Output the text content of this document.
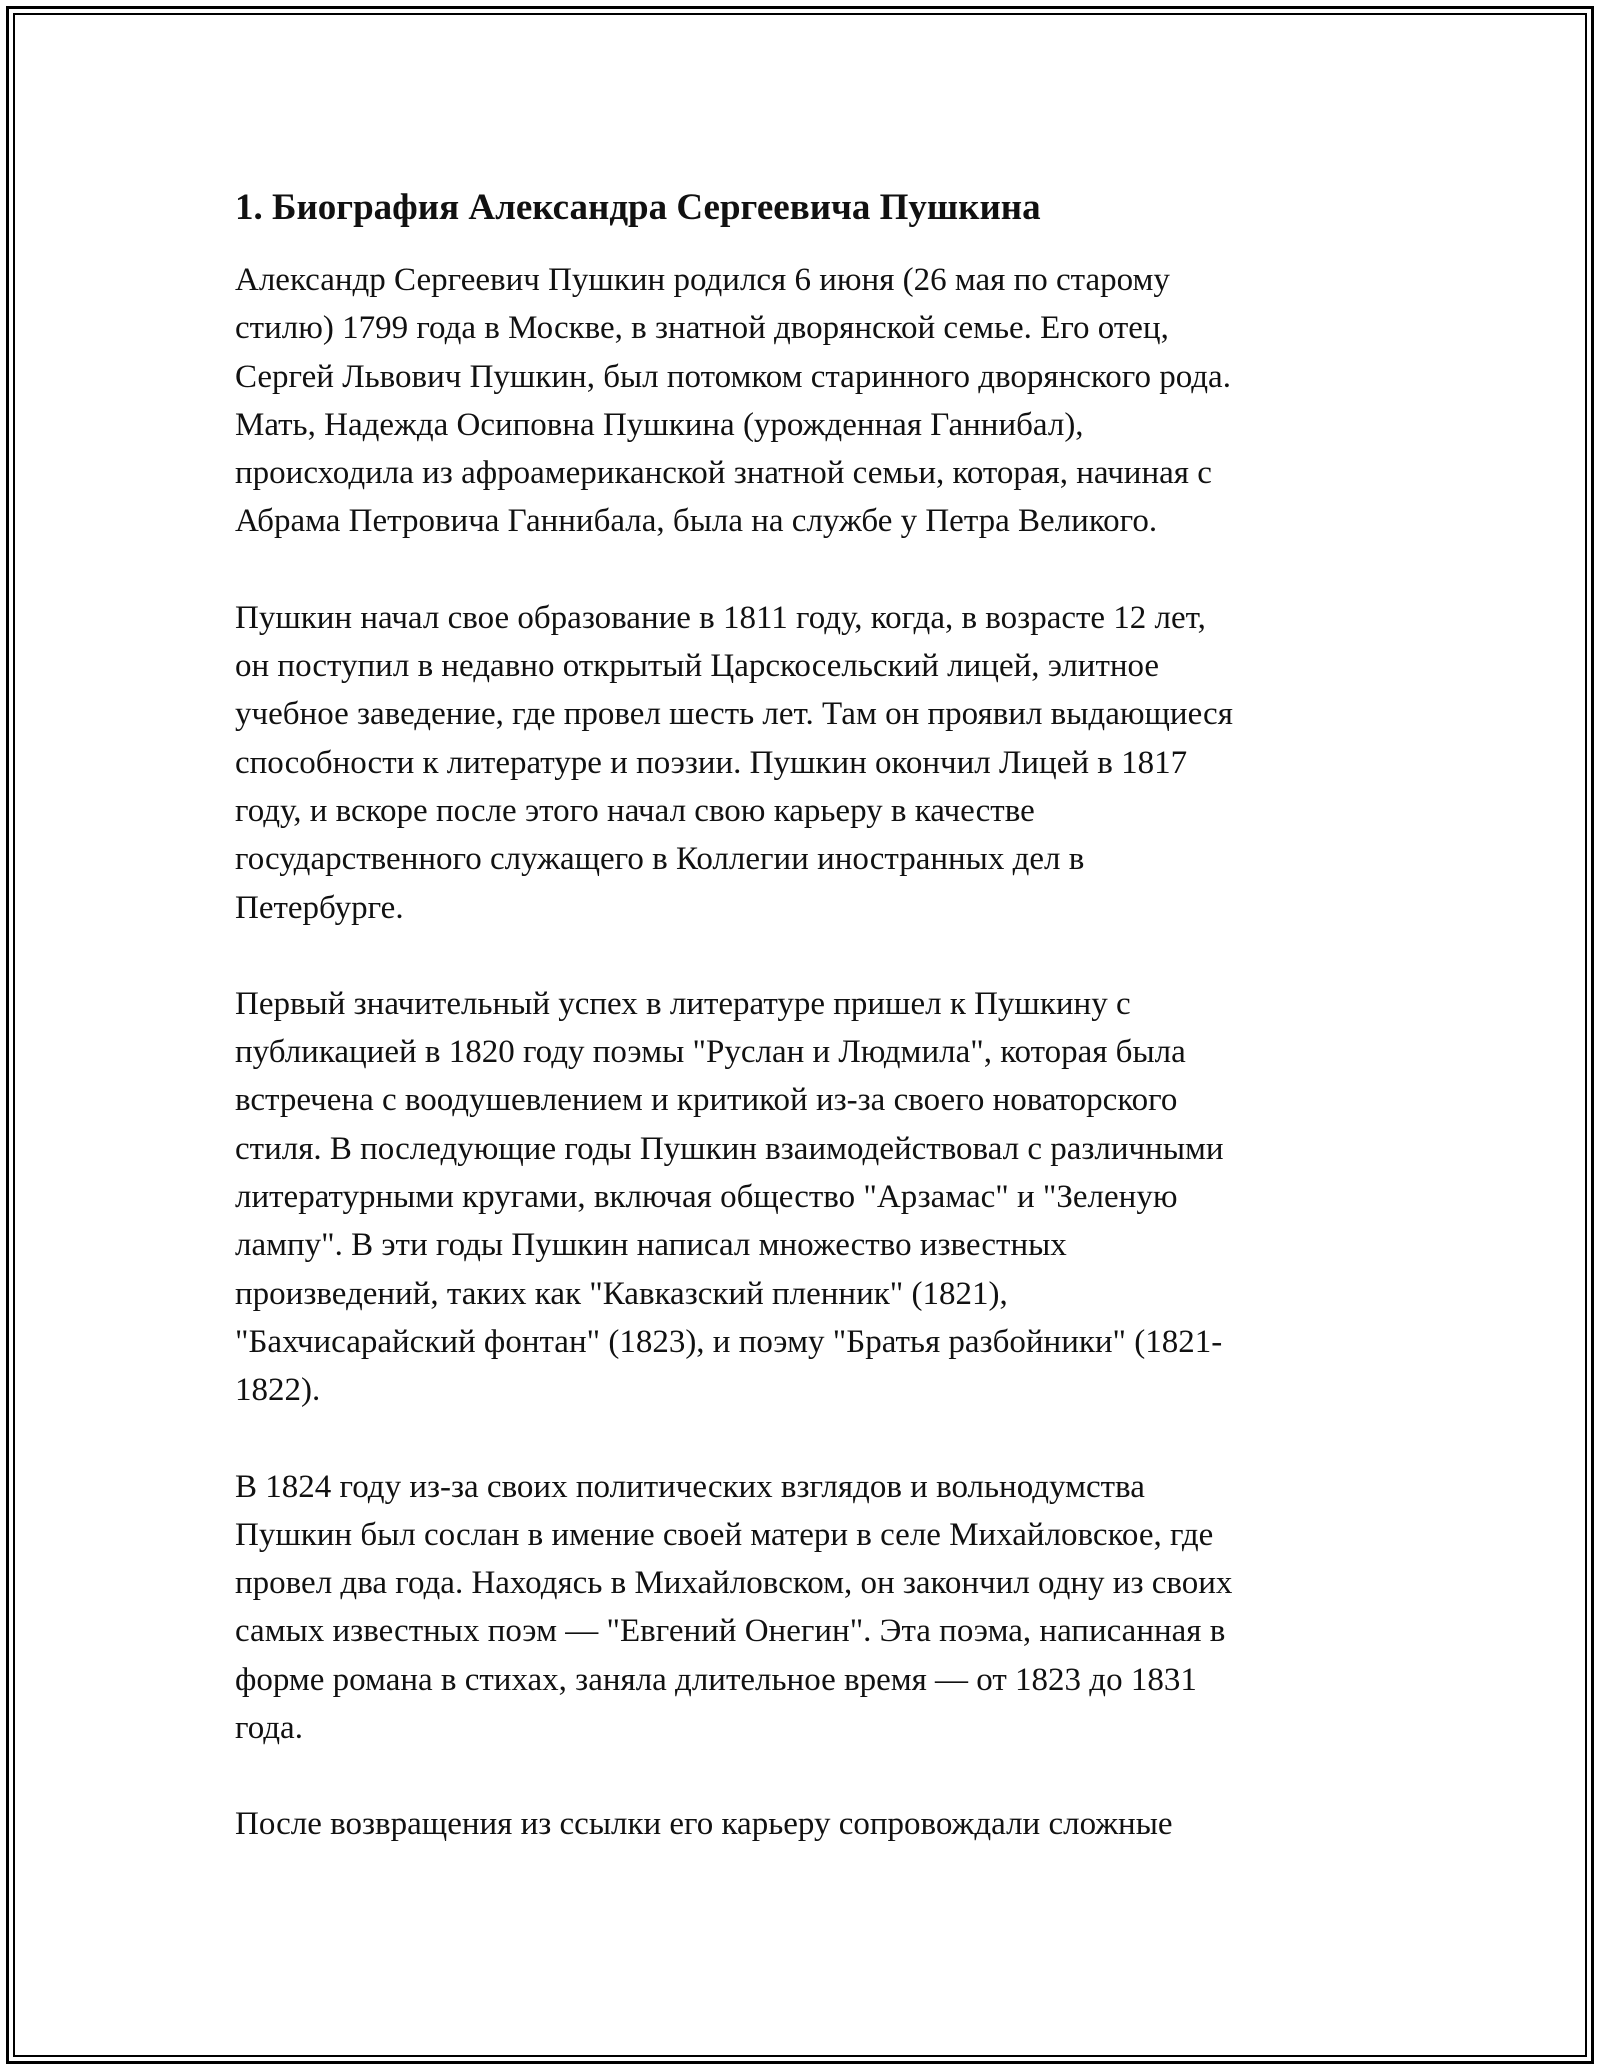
1. Биография Александра Сергеевича Пушкина

Александр Сергеевич Пушкин родился 6 июня (26 мая по старому
стилю) 1799 года в Москве, в знатной дворянской семье. Его отец,
Сергей Львович Пушкин, был потомком старинного дворянского рода.
Мать, Надежда Осиповна Пушкина (урожденная Ганнибал),
происходила из афроамериканской знатной семьи, которая, начиная с
Абрама Петровича Ганнибала, была на службе у Петра Великого.

Пушкин начал свое образование в 1811 году, когда, в возрасте 12 лет,
он поступил в недавно открытый Царскосельский лицей, элитное
учебное заведение, где провел шесть лет. Там он проявил выдающиеся
способности к литературе и поэзии. Пушкин окончил Лицей в 1817
году, и вскоре после этого начал свою карьеру в качестве
государственного служащего в Коллегии иностранных дел в
Петербурге.

Первый значительный успех в литературе пришел к Пушкину с
публикацией в 1820 году поэмы "Руслан и Людмила", которая была
встречена с воодушевлением и критикой из-за своего новаторского
стиля. В последующие годы Пушкин взаимодействовал с различными
литературными кругами, включая общество "Арзамас" и "Зеленую
лампу". В эти годы Пушкин написал множество известных
произведений, таких как "Кавказский пленник" (1821),
"Бахчисарайский фонтан" (1823), и поэму "Братья разбойники" (1821-
1822).

В 1824 году из-за своих политических взглядов и вольнодумства
Пушкин был сослан в имение своей матери в селе Михайловское, где
провел два года. Находясь в Михайловском, он закончил одну из своих
самых известных поэм — "Евгений Онегин". Эта поэма, написанная в
форме романа в стихах, заняла длительное время — от 1823 до 1831
года.

После возвращения из ссылки его карьеру сопровождали сложные
